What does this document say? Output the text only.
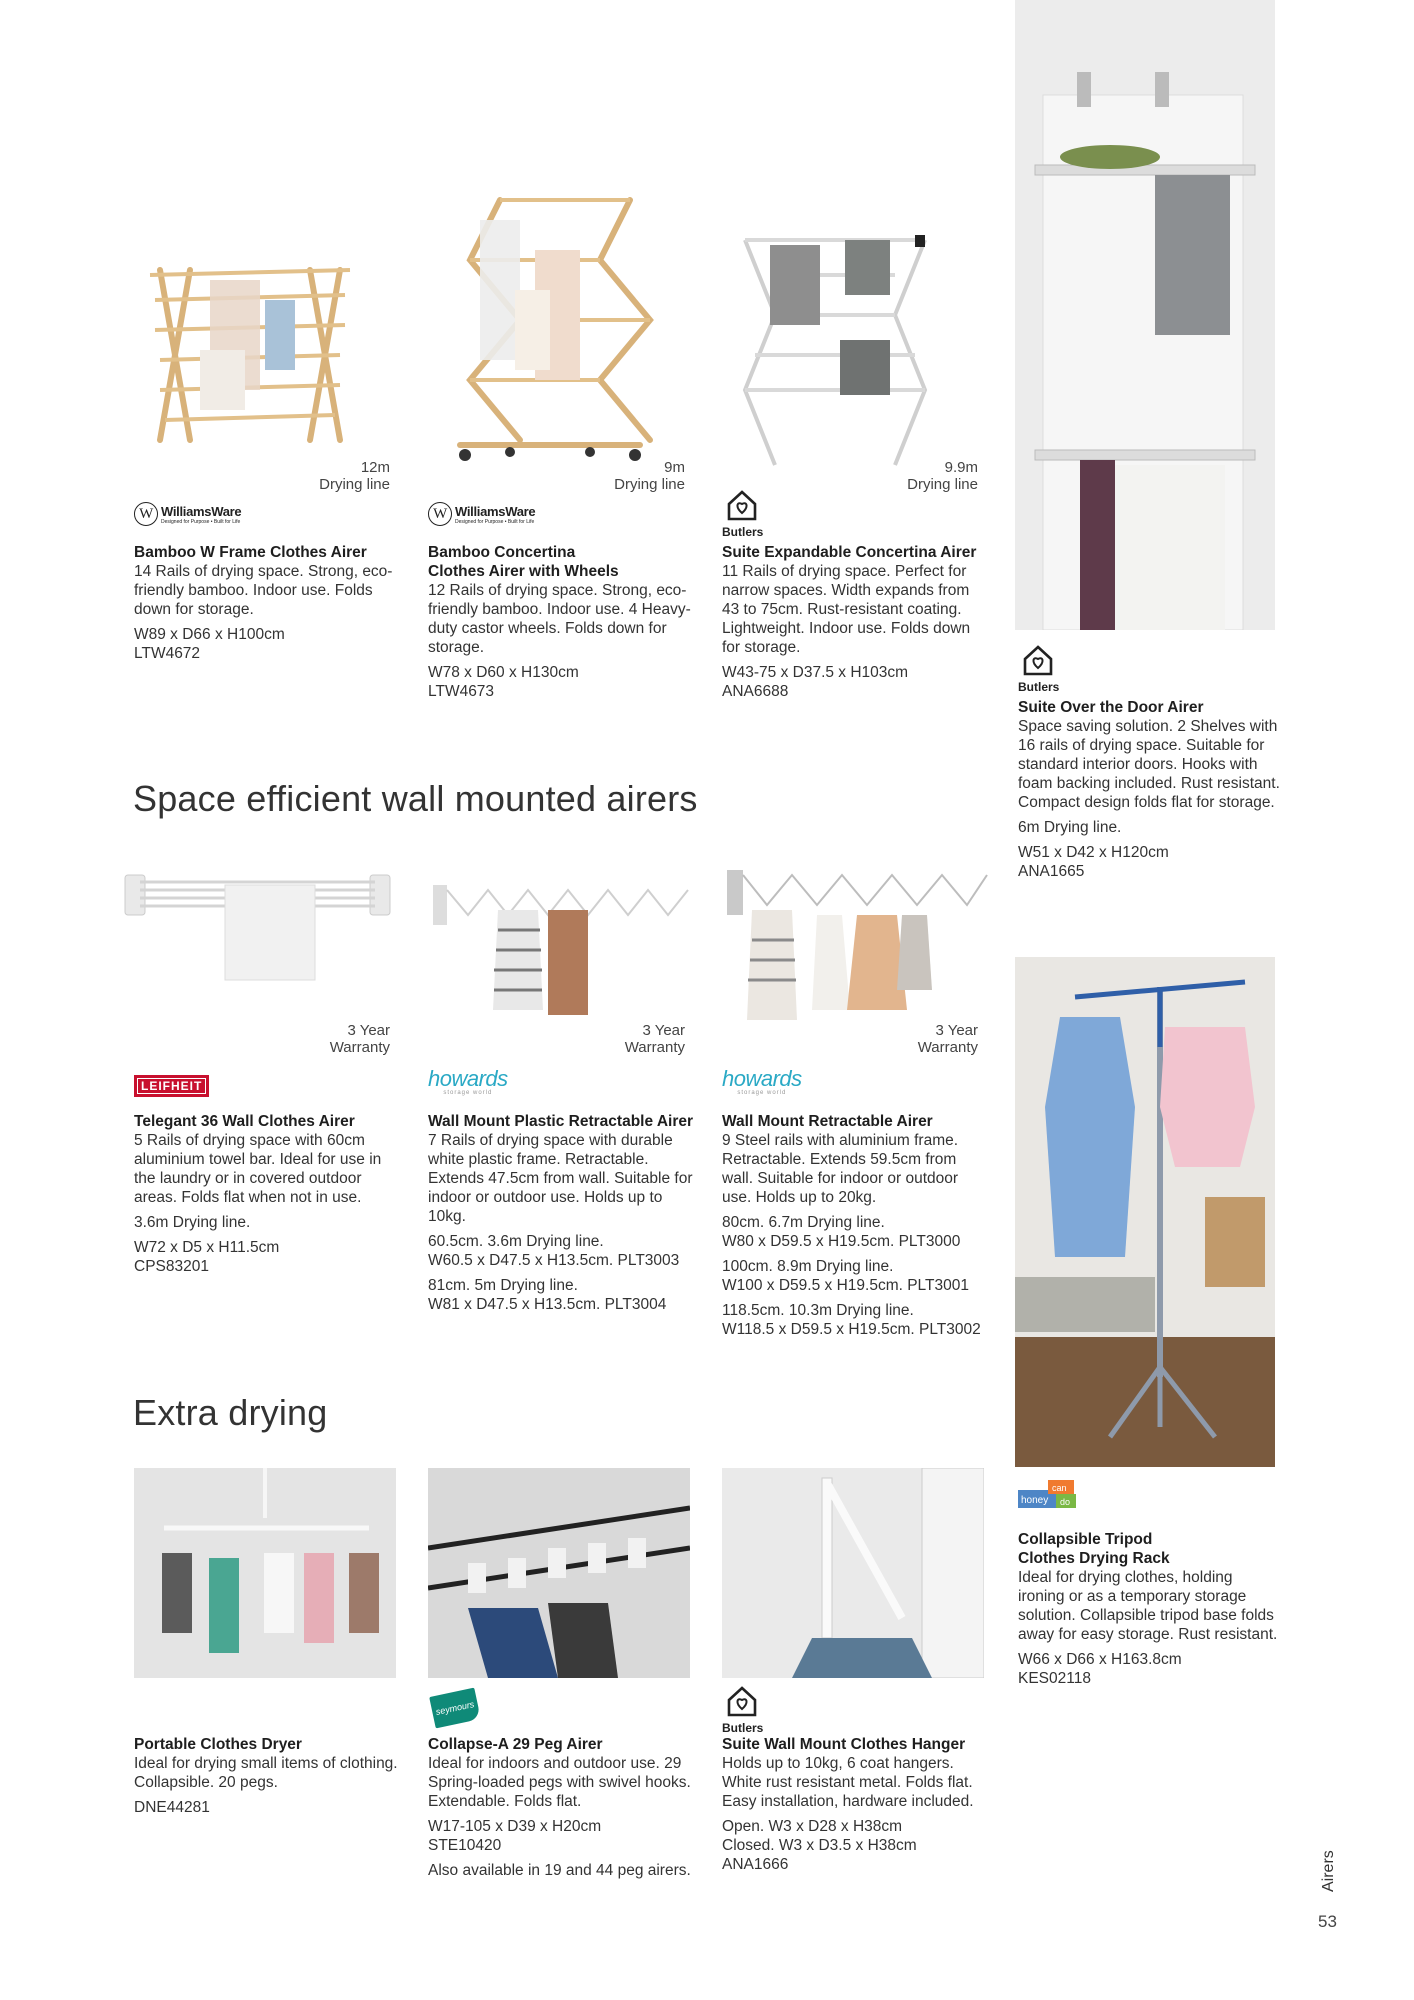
12m
Drying line
9m
Drying line
9.9m
Drying line
W WilliamsWare
Designed for Purpose • Built for Life	W WilliamsWare
Designed for Purpose • Built for Life
Butlers
Bamboo W Frame Clothes Airer
14 Rails of drying space. Strong, eco-friendly bamboo. Indoor use. Folds down for storage.
W89 x D66 x H100cm
LTW4672
Bamboo Concertina
Clothes Airer with Wheels
12 Rails of drying space. Strong, eco-friendly bamboo. Indoor use. 4 Heavy-duty castor wheels. Folds down for storage.
W78 x D60 x H130cm
LTW4673
Suite Expandable Concertina Airer
11 Rails of drying space. Perfect for narrow spaces. Width expands from 43 to 75cm. Rust-resistant coating. Lightweight. Indoor use. Folds down for storage.
W43-75 x D37.5 x H103cm
ANA6688	Butlers
Suite Over the Door Airer
Space saving solution. 2 Shelves with 16 rails of drying space. Suitable for standard interior doors. Hooks with foam backing included. Rust resistant. Compact design folds flat for storage.
6m Drying line.
W51 x D42 x H120cm
ANA1665
Space efficient wall mounted airers
3 Year
Warranty
3 Year
Warranty
3 Year
Warranty
LEIFHEIT	howards
storage world
howards
storage world
Telegant 36 Wall Clothes Airer
5 Rails of drying space with 60cm aluminium towel bar. Ideal for use in the laundry or in covered outdoor areas. Folds flat when not in use.
3.6m Drying line.
W72 x D5 x H11.5cm
CPS83201
Wall Mount Plastic Retractable Airer
7 Rails of drying space with durable white plastic frame. Retractable. Extends 47.5cm from wall. Suitable for indoor or outdoor use. Holds up to 10kg.
60.5cm. 3.6m Drying line.
W60.5 x D47.5 x H13.5cm. PLT3003
81cm. 5m Drying line.
W81 x D47.5 x H13.5cm. PLT3004
Wall Mount Retractable Airer
9 Steel rails with aluminium frame. Retractable. Extends 59.5cm from wall. Suitable for indoor or outdoor use. Holds up to 20kg.
80cm. 6.7m Drying line.
W80 x D59.5 x H19.5cm. PLT3000
100cm. 8.9m Drying line.
W100 x D59.5 x H19.5cm. PLT3001
118.5cm. 10.3m Drying line.
W118.5 x D59.5 x H19.5cm. PLT3002
honey
can
do
Collapsible Tripod
Clothes Drying Rack
Ideal for drying clothes, holding ironing or as a temporary storage solution. Collapsible tripod base folds away for easy storage. Rust resistant.
W66 x D66 x H163.8cm
KES02118
Extra drying
seymours
Butlers
Portable Clothes Dryer
Ideal for drying small items of clothing. Collapsible. 20 pegs.
DNE44281
Collapse-A 29 Peg Airer
Ideal for indoors and outdoor use. 29 Spring-loaded pegs with swivel hooks. Extendable. Folds flat.
W17-105 x D39 x H20cm
STE10420
Also available in 19 and 44 peg airers.
Suite Wall Mount Clothes Hanger
Holds up to 10kg, 6 coat hangers. White rust resistant metal. Folds flat. Easy installation, hardware included.
Open. W3 x D28 x H38cm
Closed. W3 x D3.5 x H38cm
ANA1666	Airers
53
